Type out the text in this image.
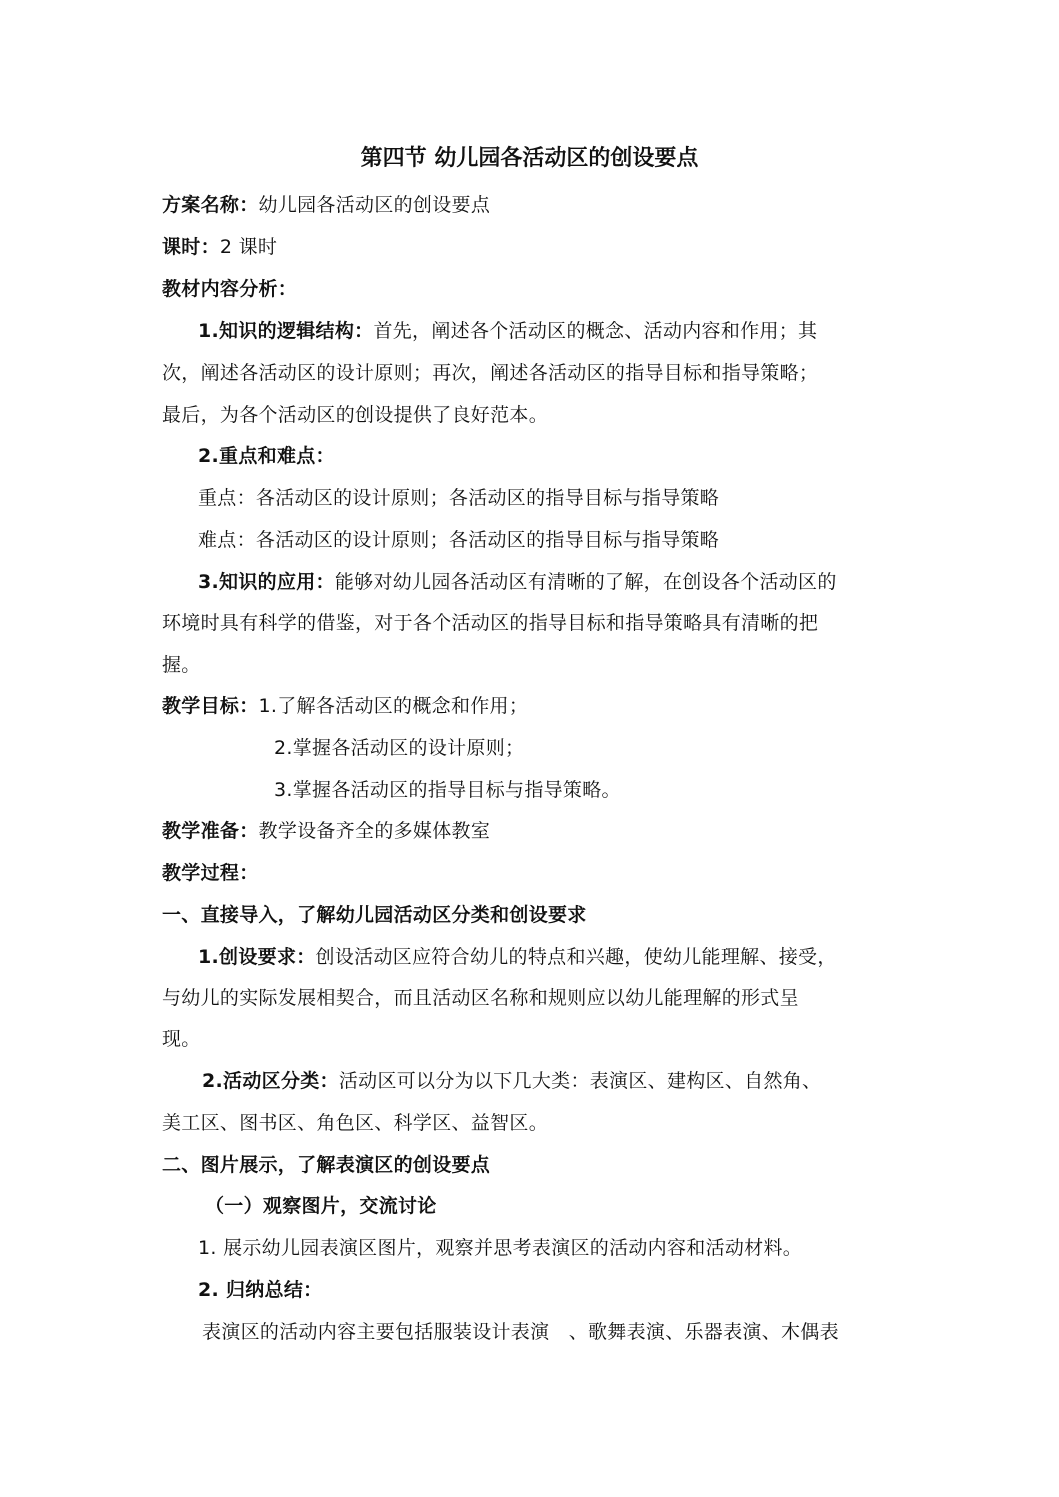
第四节 幼儿园各活动区的创设要点
方案名称：幼儿园各活动区的创设要点
课时：2 课时
教材内容分析：
1.知识的逻辑结构：首先，阐述各个活动区的概念、活动内容和作用；其
次，阐述各活动区的设计原则；再次，阐述各活动区的指导目标和指导策略；
最后，为各个活动区的创设提供了良好范本。
2.重点和难点：
重点：各活动区的设计原则；各活动区的指导目标与指导策略
难点：各活动区的设计原则；各活动区的指导目标与指导策略
3.知识的应用：能够对幼儿园各活动区有清晰的了解，在创设各个活动区的
环境时具有科学的借鉴，对于各个活动区的指导目标和指导策略具有清晰的把
握。
教学目标：1.了解各活动区的概念和作用；
2.掌握各活动区的设计原则；
3.掌握各活动区的指导目标与指导策略。
教学准备：教学设备齐全的多媒体教室
教学过程：
一、直接导入，了解幼儿园活动区分类和创设要求
1.创设要求：创设活动区应符合幼儿的特点和兴趣，使幼儿能理解、接受，
与幼儿的实际发展相契合，而且活动区名称和规则应以幼儿能理解的形式呈
现。
2.活动区分类：活动区可以分为以下几大类：表演区、建构区、自然角、
美工区、图书区、角色区、科学区、益智区。
二、图片展示，了解表演区的创设要点
（一）观察图片，交流讨论
1. 展示幼儿园表演区图片，观察并思考表演区的活动内容和活动材料。
2. 归纳总结：
表演区的活动内容主要包括服装设计表演　、歌舞表演、乐器表演、木偶表
